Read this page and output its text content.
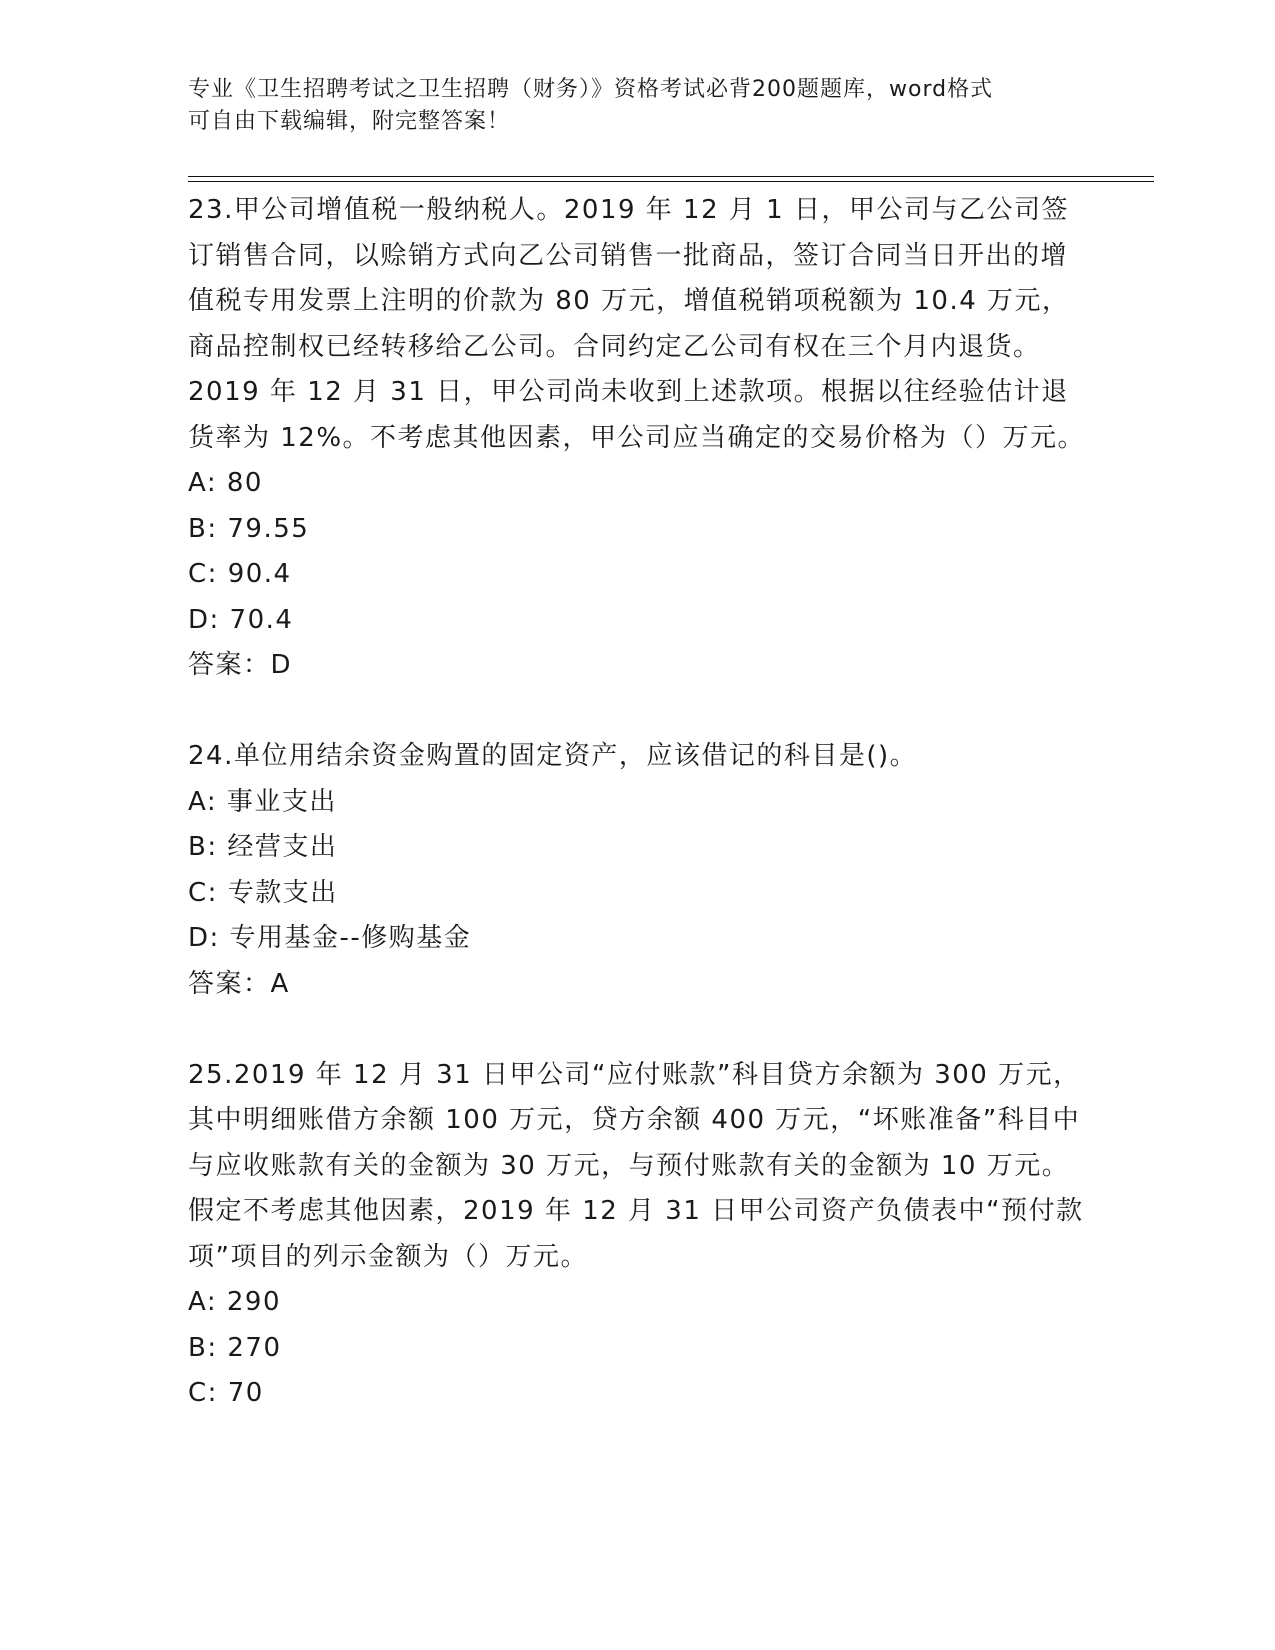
专业《卫生招聘考试之卫生招聘（财务）》资格考试必背200题题库，word格式
可自由下载编辑，附完整答案！

23.甲公司增值税一般纳税人。2019 年 12 月 1 日，甲公司与乙公司签订销售合同，以赊销方式向乙公司销售一批商品，签订合同当日开出的增值税专用发票上注明的价款为 80 万元，增值税销项税额为 10.4 万元，商品控制权已经转移给乙公司。合同约定乙公司有权在三个月内退货。2019 年 12 月 31 日，甲公司尚未收到上述款项。根据以往经验估计退货率为 12%。不考虑其他因素，甲公司应当确定的交易价格为（）万元。

A: 80

B: 79.55

C: 90.4

D: 70.4

答案：D

24.单位用结余资金购置的固定资产，应该借记的科目是()。

A: 事业支出

B: 经营支出

C: 专款支出

D: 专用基金--修购基金

答案：A

25.2019 年 12 月 31 日甲公司“应付账款”科目贷方余额为 300 万元，其中明细账借方余额 100 万元，贷方余额 400 万元，“坏账准备”科目中与应收账款有关的金额为 30 万元，与预付账款有关的金额为 10 万元。假定不考虑其他因素，2019 年 12 月 31 日甲公司资产负债表中“预付款项”项目的列示金额为（）万元。

A: 290

B: 270

C: 70
